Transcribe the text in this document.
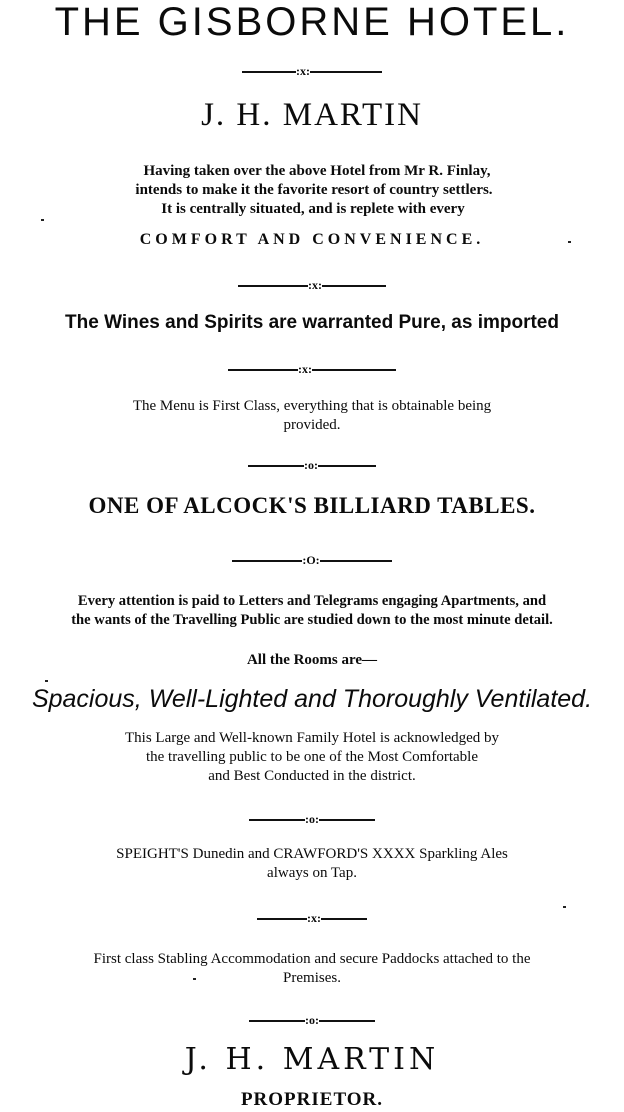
THE GISBORNE HOTEL.
:x:
J. H. MARTIN
Having taken over the above Hotel from Mr R. Finlay,
intends to make it the favorite resort of country settlers.
It is centrally situated, and is replete with every
COMFORT AND CONVENIENCE.
:x:
The Wines and Spirits are warranted Pure, as imported
:x:
The Menu is First Class, everything that is obtainable being
provided.
:o:
ONE OF ALCOCK'S BILLIARD TABLES.
:O:
Every attention is paid to Letters and Telegrams engaging Apartments, and
the wants of the Travelling Public are studied down to the most minute detail.
All the Rooms are—
Spacious, Well-Lighted and Thoroughly Ventilated.
This Large and Well-known Family Hotel is acknowledged by
the travelling public to be one of the Most Comfortable
and Best Conducted in the district.
:o:
SPEIGHT'S Dunedin and CRAWFORD'S XXXX Sparkling Ales
always on Tap.
:x:
First class Stabling Accommodation and secure Paddocks attached to the
Premises.
:o:
J. H. MARTIN
PROPRIETOR.
